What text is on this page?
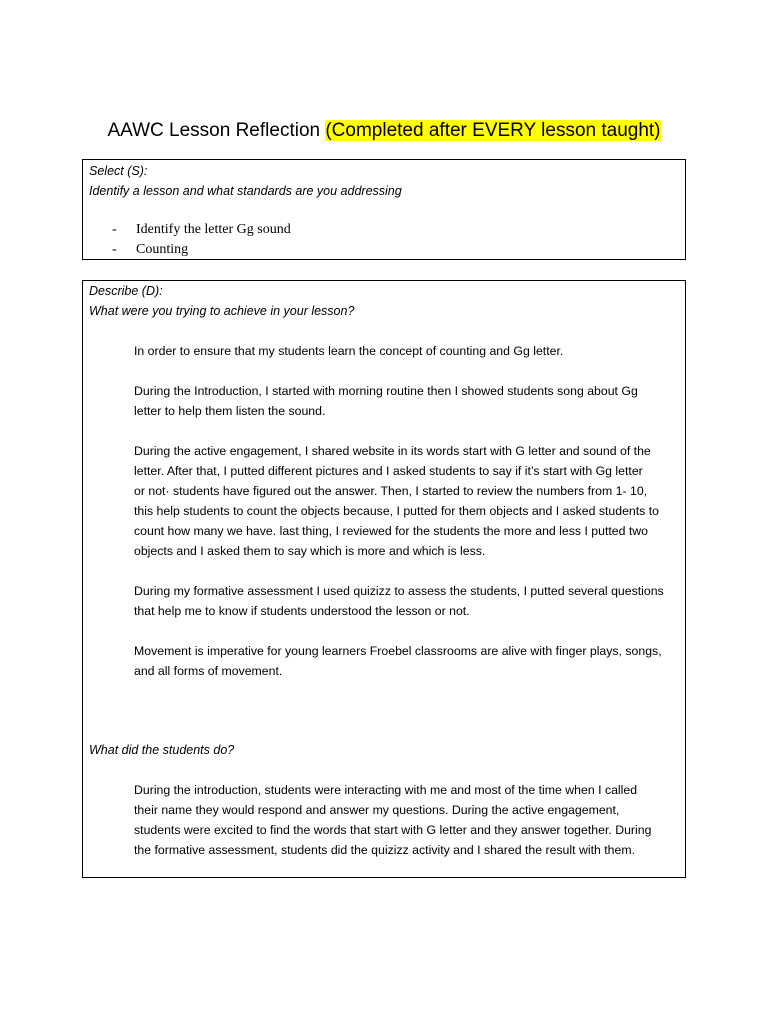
AAWC Lesson Reflection (Completed after EVERY lesson taught)
Select (S):
Identify a lesson and what standards are you addressing
- Identify the letter Gg sound
- Counting
Describe (D):
What were you trying to achieve in your lesson?
In order to ensure that my students learn the concept of counting and Gg letter.
During the Introduction, I started with morning routine then I showed students song about Gg
letter to help them listen the sound.
During the active engagement, I shared website in its words start with G letter and sound of the
letter. After that, I putted different pictures and I asked students to say if it’s start with Gg letter
or not· students have figured out the answer. Then, I started to review the numbers from 1- 10,
this help students to count the objects because, I putted for them objects and I asked students to
count how many we have. last thing, I reviewed for the students the more and less I putted two
objects and I asked them to say which is more and which is less.
During my formative assessment I used quizizz to assess the students, I putted several questions
that help me to know if students understood the lesson or not.
Movement is imperative for young learners Froebel classrooms are alive with finger plays, songs,
and all forms of movement.
What did the students do?
During the introduction, students were interacting with me and most of the time when I called
their name they would respond and answer my questions. During the active engagement,
students were excited to find the words that start with G letter and they answer together. During
the formative assessment, students did the quizizz activity and I shared the result with them.
